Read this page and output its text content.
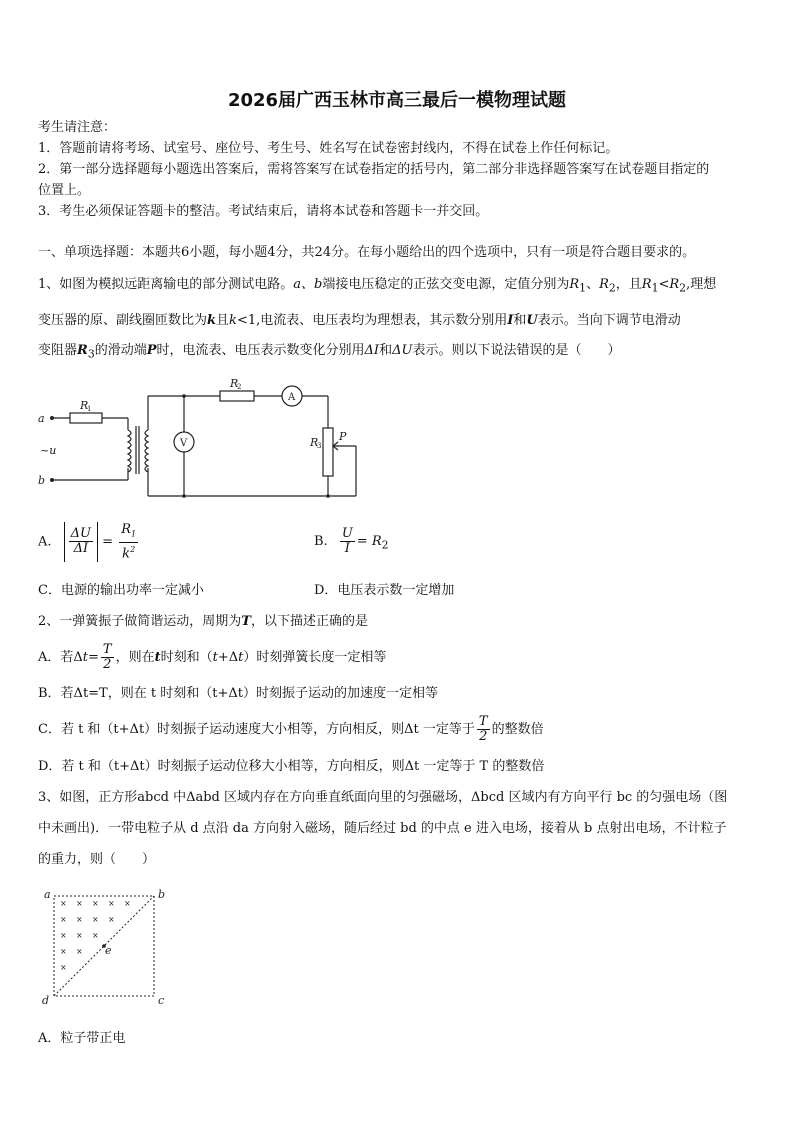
2026届广西玉林市高三最后一模物理试题
考生请注意：
1．答题前请将考场、试室号、座位号、考生号、姓名写在试卷密封线内，不得在试卷上作任何标记。
2．第一部分选择题每小题选出答案后，需将答案写在试卷指定的括号内，第二部分非选择题答案写在试卷题目指定的
位置上。
3．考生必须保证答题卡的整洁。考试结束后，请将本试卷和答题卡一并交回。
一、单项选择题：本题共6小题，每小题4分，共24分。在每小题给出的四个选项中，只有一项是符合题目要求的。
1、如图为模拟远距离输电的部分测试电路。a、b端接电压稳定的正弦交变电源，定值分别为$R_1$、$R_2$，且$R_1<R_2$,理想
变压器的原、副线圈匝数比为k且k<1,电流表、电压表均为理想表，其示数分别用I和U表示。当向下调节电滑动
变阻器$R_3$的滑动端P时，电流表、电压表示数变化分别用ΔI和ΔU表示。则以下说法错误的是（　　）
a
b
~u
R
1
R
2
R
3
P
A
V
A. $\frac{\Delta U}{\Delta I} = \frac{R_1}{k^2}$	B. $\frac{U}{I} = R_2$
C．电源的输出功率一定减小	D．电压表示数一定增加
2、一弹簧振子做简谐运动，周期为T，以下描述正确的是
A．若$\Delta t= \frac{T}{2}$ ，则在t时刻和（t+Δt）时刻弹簧长度一定相等
B．若Δt=T，则在 t 时刻和（t+Δt）时刻振子运动的加速度一定相等
C．若 t 和（t+Δt）时刻振子运动速度大小相等，方向相反，则Δt 一定等于 $\frac{T}{2}$ 的整数倍
D．若 t 和（t+Δt）时刻振子运动位移大小相等，方向相反，则Δt 一定等于 T 的整数倍
3、如图，正方形abcd 中Δabd 区域内存在方向垂直纸面向里的匀强磁场，Δbcd 区域内有方向平行 bc 的匀强电场（图
中未画出)．一带电粒子从 d 点沿 da 方向射入磁场，随后经过 bd 的中点 e 进入电场，接着从 b 点射出电场，不计粒子
的重力，则（　　）
× × × × ×
× × × ×
× × ×
× ×
×
a	b
c
d
e
A．粒子带正电
